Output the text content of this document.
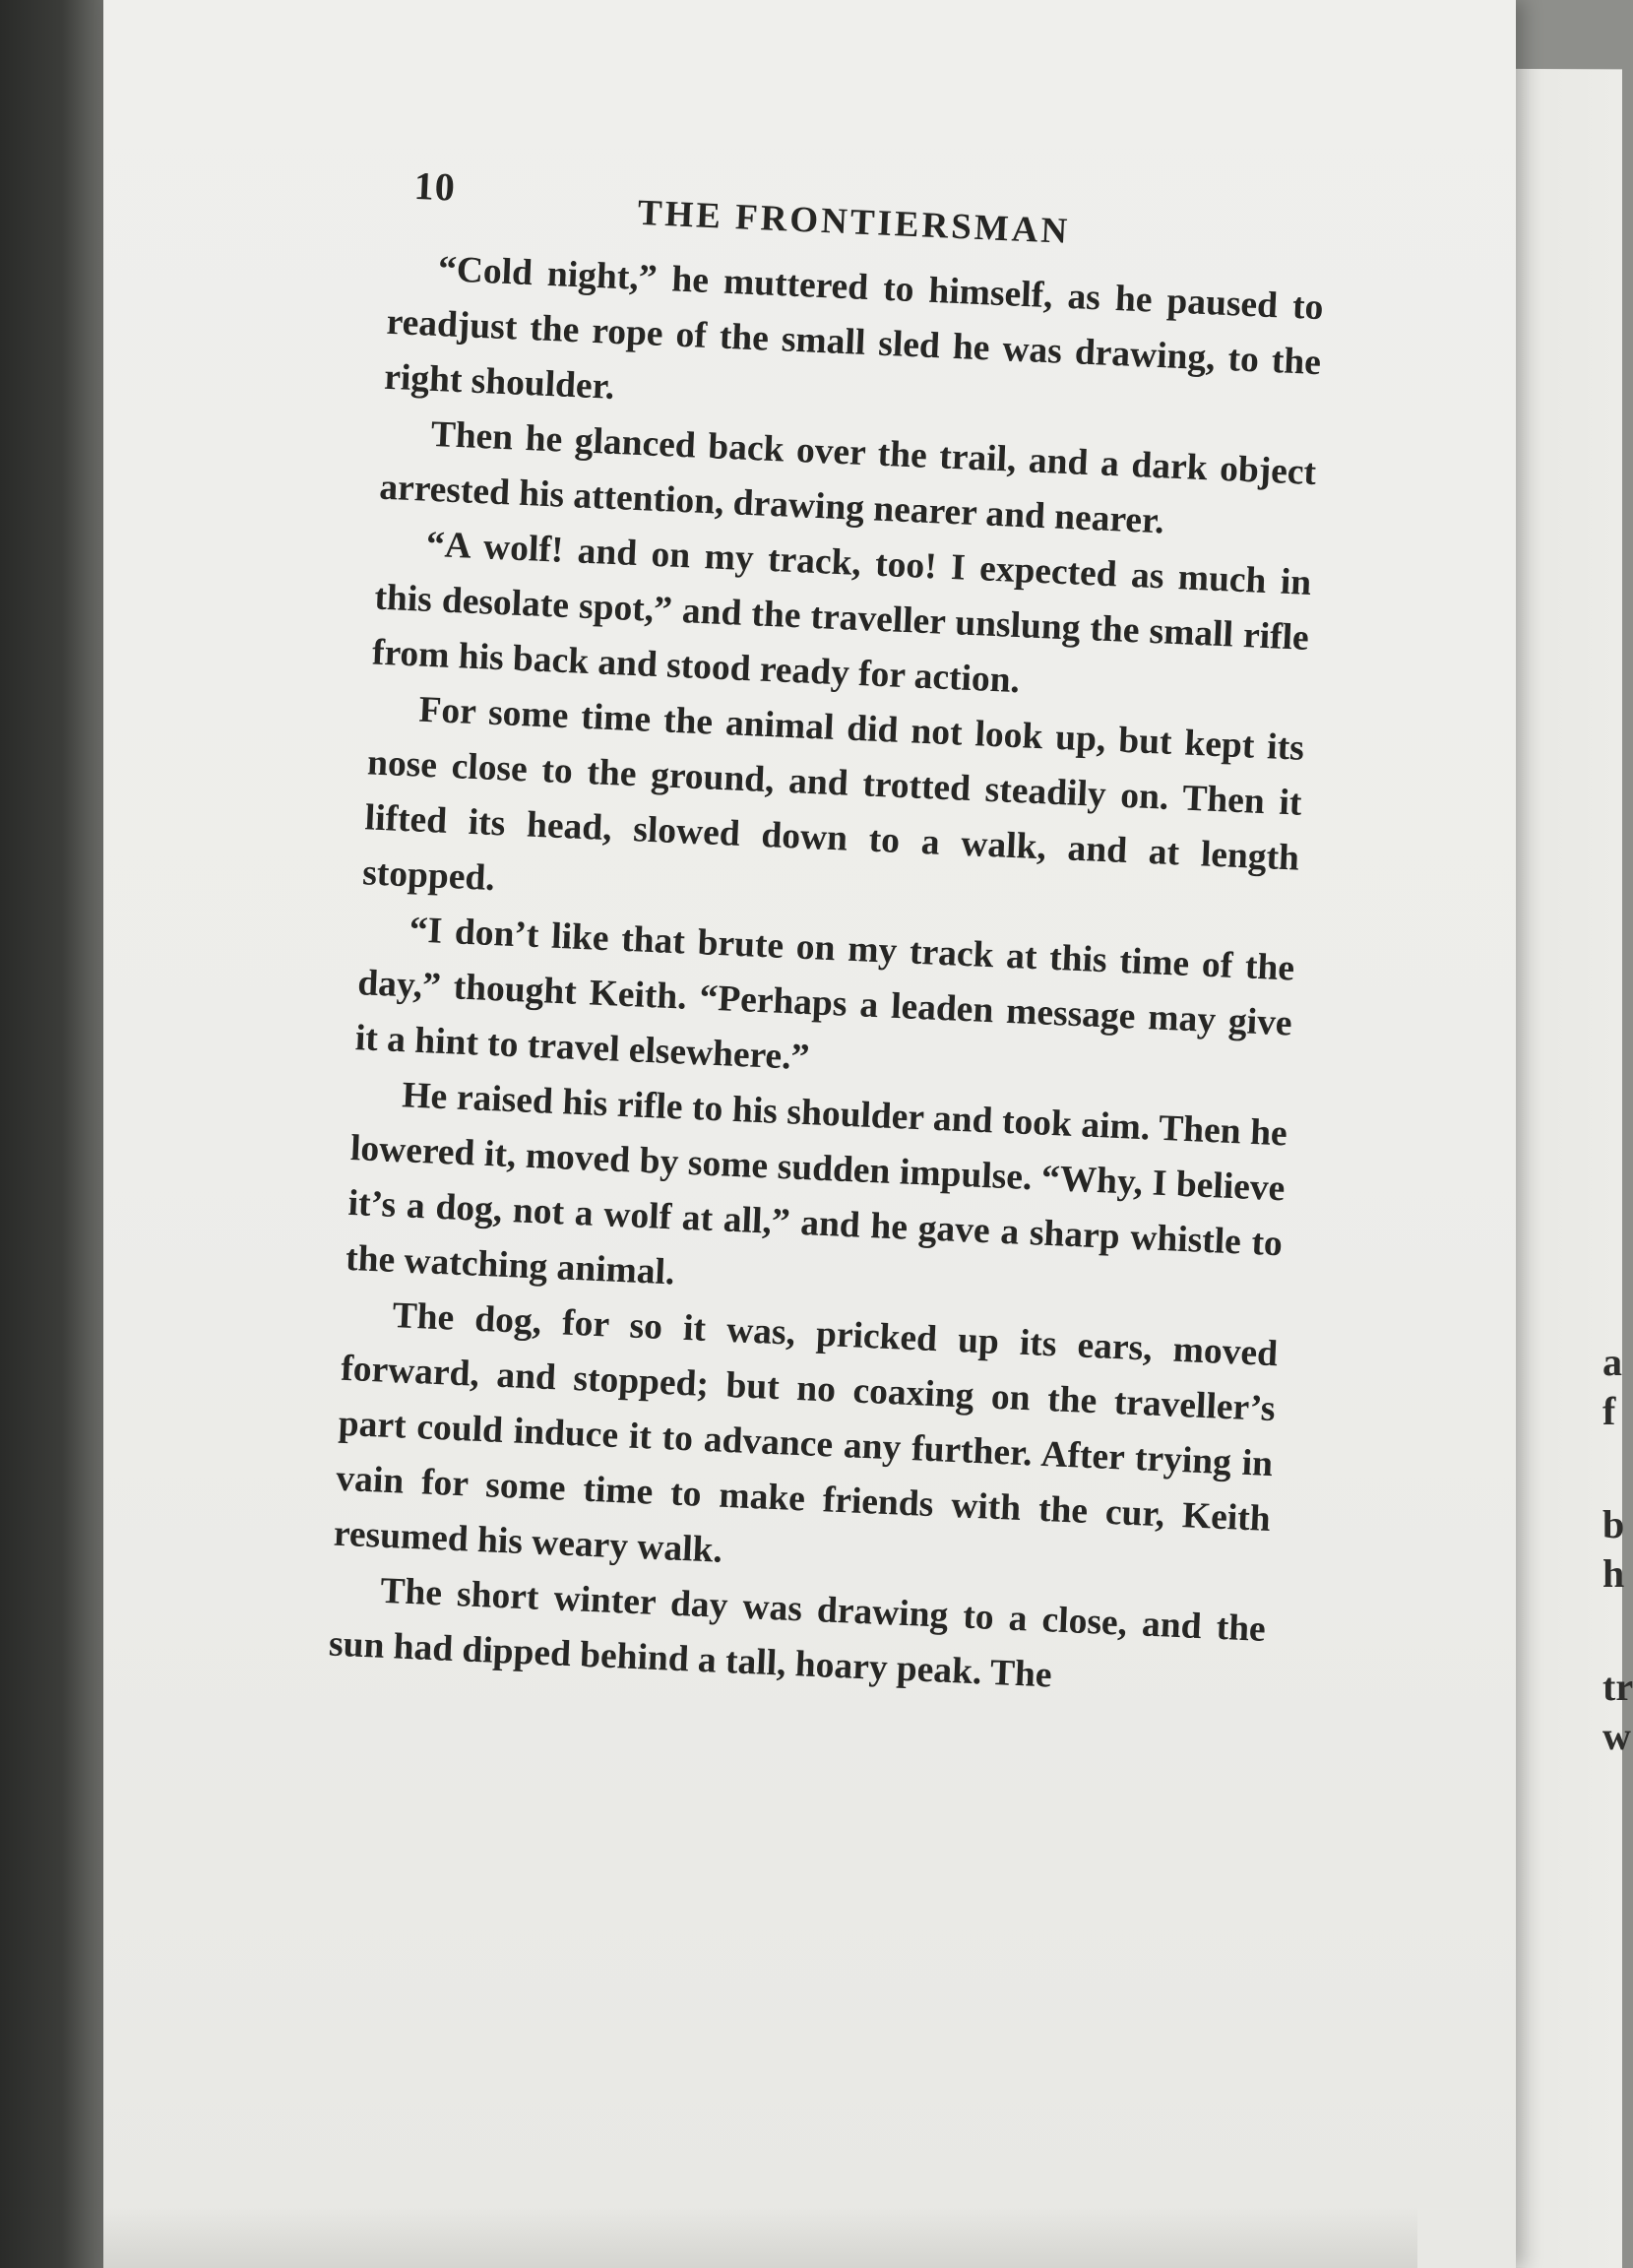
a
f
b
h
tr
w
10
THE FRONTIERSMAN

“Cold night,” he muttered to himself, as he paused to readjust the rope of the small sled he was drawing, to the right shoulder.

Then he glanced back over the trail, and a dark object arrested his attention, drawing nearer and nearer.

“A wolf! and on my track, too! I expected as much in this desolate spot,” and the traveller unslung the small rifle from his back and stood ready for action.

For some time the animal did not look up, but kept its nose close to the ground, and trotted steadily on. Then it lifted its head, slowed down to a walk, and at length stopped.

“I don’t like that brute on my track at this time of the day,” thought Keith. “Perhaps a leaden message may give it a hint to travel elsewhere.”

He raised his rifle to his shoulder and took aim. Then he lowered it, moved by some sudden impulse. “Why, I believe it’s a dog, not a wolf at all,” and he gave a sharp whistle to the watching animal.

The dog, for so it was, pricked up its ears, moved forward, and stopped; but no coaxing on the traveller’s part could induce it to advance any further. After trying in vain for some time to make friends with the cur, Keith resumed his weary walk.

The short winter day was drawing to a close, and the sun had dipped behind a tall, hoary peak. The
